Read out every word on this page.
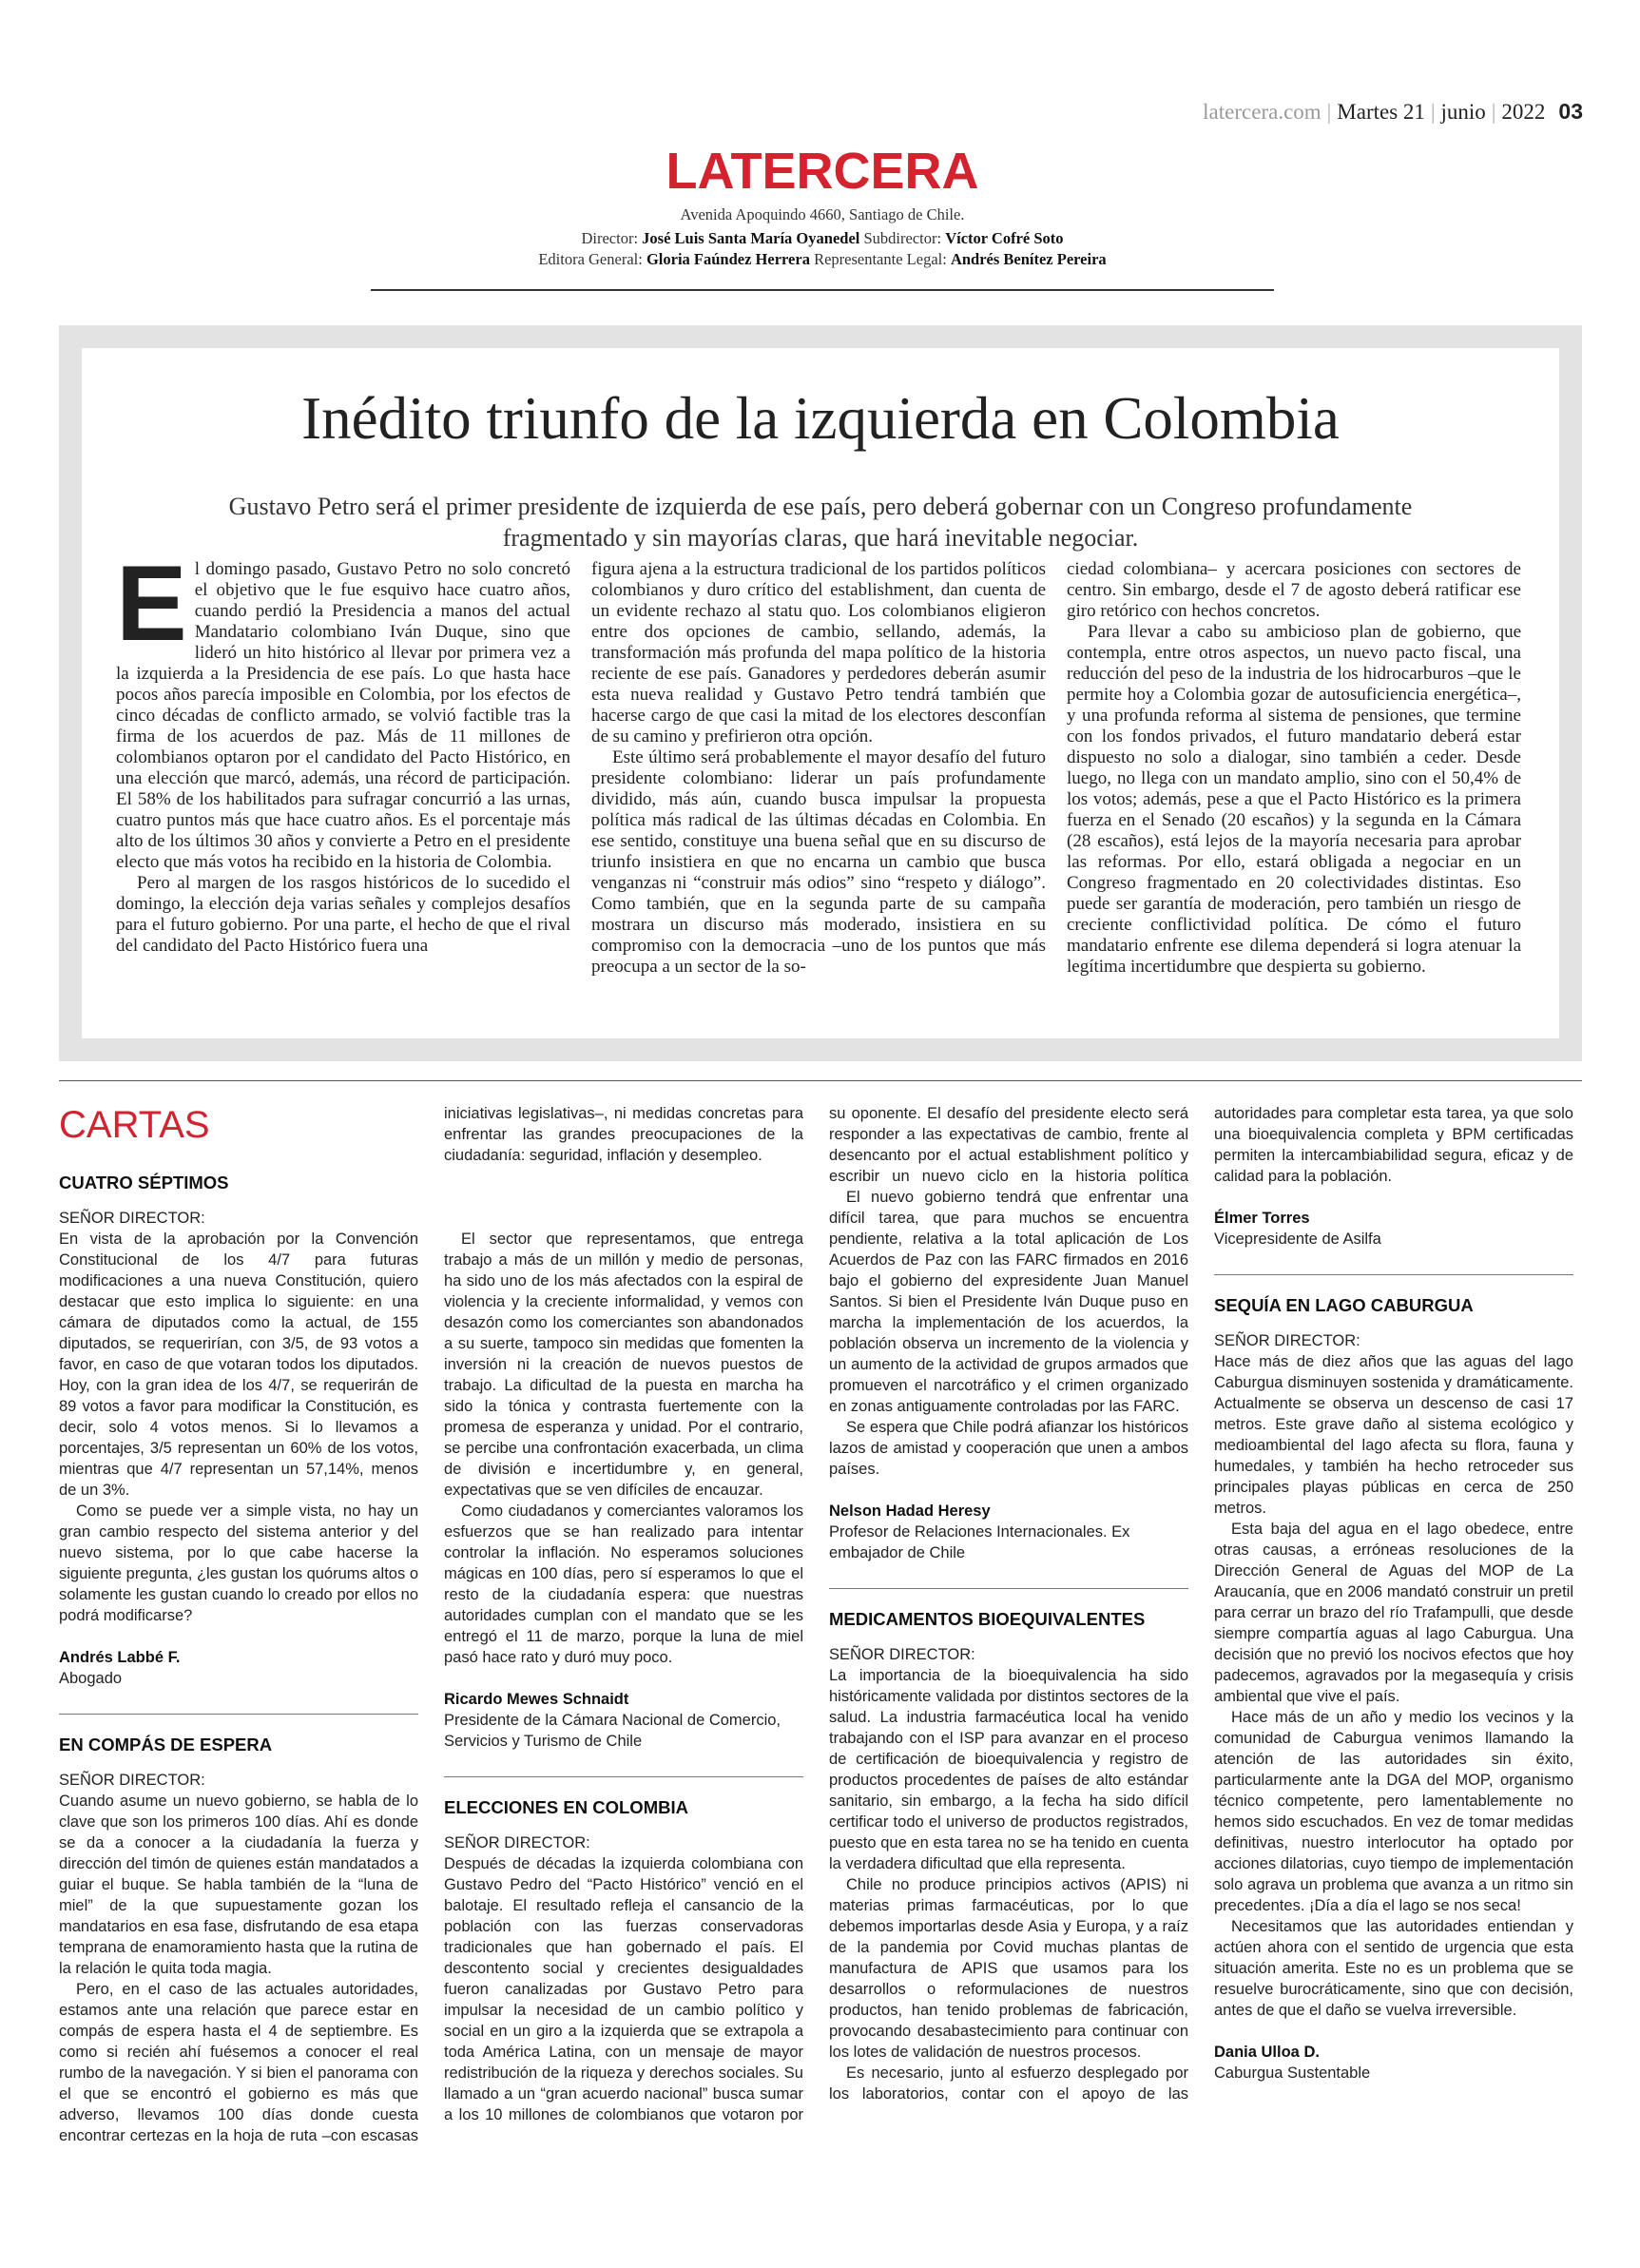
latercera.com | Martes 21 | junio | 2022 03
LATERCERA
Avenida Apoquindo 4660, Santiago de Chile.
Director: José Luis Santa María Oyanedel Subdirector: Víctor Cofré Soto
Editora General: Gloria Faúndez Herrera Representante Legal: Andrés Benítez Pereira
Inédito triunfo de la izquierda en Colombia
Gustavo Petro será el primer presidente de izquierda de ese país, pero deberá gobernar con un Congreso profundamente fragmentado y sin mayorías claras, que hará inevitable negociar.

El domingo pasado, Gustavo Petro no solo concretó el objetivo que le fue esquivo hace cuatro años, cuando perdió la Presidencia a manos del actual Mandatario colombiano Iván Duque, sino que lideró un hito histórico al llevar por primera vez a la izquierda a la Presidencia de ese país. Lo que hasta hace pocos años parecía imposible en Colombia, por los efectos de cinco décadas de conflicto armado, se volvió factible tras la firma de los acuerdos de paz. Más de 11 millones de colombianos optaron por el candidato del Pacto Histórico, en una elección que marcó, además, una récord de participación. El 58% de los habilitados para sufragar concurrió a las urnas, cuatro puntos más que hace cuatro años. Es el porcentaje más alto de los últimos 30 años y convierte a Petro en el presidente electo que más votos ha recibido en la historia de Colombia.

Pero al margen de los rasgos históricos de lo sucedido el domingo, la elección deja varias señales y complejos desafíos para el futuro gobierno. Por una parte, el hecho de que el rival del candidato del Pacto Histórico fuera una

figura ajena a la estructura tradicional de los partidos políticos colombianos y duro crítico del establishment, dan cuenta de un evidente rechazo al statu quo. Los colombianos eligieron entre dos opciones de cambio, sellando, además, la transformación más profunda del mapa político de la historia reciente de ese país. Ganadores y perdedores deberán asumir esta nueva realidad y Gustavo Petro tendrá también que hacerse cargo de que casi la mitad de los electores desconfían de su camino y prefirieron otra opción.

Este último será probablemente el mayor desafío del futuro presidente colombiano: liderar un país profundamente dividido, más aún, cuando busca impulsar la propuesta política más radical de las últimas décadas en Colombia. En ese sentido, constituye una buena señal que en su discurso de triunfo insistiera en que no encarna un cambio que busca venganzas ni “construir más odios” sino “respeto y diálogo”. Como también, que en la segunda parte de su campaña mostrara un discurso más moderado, insistiera en su compromiso con la democracia –uno de los puntos que más preocupa a un sector de la so-

ciedad colombiana– y acercara posiciones con sectores de centro. Sin embargo, desde el 7 de agosto deberá ratificar ese giro retórico con hechos concretos.

Para llevar a cabo su ambicioso plan de gobierno, que contempla, entre otros aspectos, un nuevo pacto fiscal, una reducción del peso de la industria de los hidrocarburos –que le permite hoy a Colombia gozar de autosuficiencia energética–, y una profunda reforma al sistema de pensiones, que termine con los fondos privados, el futuro mandatario deberá estar dispuesto no solo a dialogar, sino también a ceder. Desde luego, no llega con un mandato amplio, sino con el 50,4% de los votos; además, pese a que el Pacto Histórico es la primera fuerza en el Senado (20 escaños) y la segunda en la Cámara (28 escaños), está lejos de la mayoría necesaria para aprobar las reformas. Por ello, estará obligada a negociar en un Congreso fragmentado en 20 colectividades distintas. Eso puede ser garantía de moderación, pero también un riesgo de creciente conflictividad política. De cómo el futuro mandatario enfrente ese dilema dependerá si logra atenuar la legítima incertidumbre que despierta su gobierno.

CARTAS
CUATRO SÉPTIMOS
SEÑOR DIRECTOR:

En vista de la aprobación por la Convención Constitucional de los 4/7 para futuras modificaciones a una nueva Constitución, quiero destacar que esto implica lo siguiente: en una cámara de diputados como la actual, de 155 diputados, se requerirían, con 3/5, de 93 votos a favor, en caso de que votaran todos los diputados. Hoy, con la gran idea de los 4/7, se requerirán de 89 votos a favor para modificar la Constitución, es decir, solo 4 votos menos. Si lo llevamos a porcentajes, 3/5 representan un 60% de los votos, mientras que 4/7 representan un 57,14%, menos de un 3%.

Como se puede ver a simple vista, no hay un gran cambio respecto del sistema anterior y del nuevo sistema, por lo que cabe hacerse la siguiente pregunta, ¿les gustan los quórums altos o solamente les gustan cuando lo creado por ellos no podrá modificarse?

Andrés Labbé F.
Abogado
EN COMPÁS DE ESPERA
SEÑOR DIRECTOR:

Cuando asume un nuevo gobierno, se habla de lo clave que son los primeros 100 días. Ahí es donde se da a conocer a la ciudadanía la fuerza y dirección del timón de quienes están mandatados a guiar el buque. Se habla también de la “luna de miel” de la que supuestamente gozan los mandatarios en esa fase, disfrutando de esa etapa temprana de enamoramiento hasta que la rutina de la relación le quita toda magia.

Pero, en el caso de las actuales autoridades, estamos ante una relación que parece estar en compás de espera hasta el 4 de septiembre. Es como si recién ahí fuésemos a conocer el real rumbo de la navegación. Y si bien el panorama con el que se encontró el gobierno es más que adverso, llevamos 100 días donde cuesta encontrar certezas en la hoja de ruta –con escasas

iniciativas legislativas–, ni medidas concretas para enfrentar las grandes preocupaciones de la ciudadanía: seguridad, inflación y desempleo.

El sector que representamos, que entrega trabajo a más de un millón y medio de personas, ha sido uno de los más afectados con la espiral de violencia y la creciente informalidad, y vemos con desazón como los comerciantes son abandonados a su suerte, tampoco sin medidas que fomenten la inversión ni la creación de nuevos puestos de trabajo. La dificultad de la puesta en marcha ha sido la tónica y contrasta fuertemente con la promesa de esperanza y unidad. Por el contrario, se percibe una confrontación exacerbada, un clima de división e incertidumbre y, en general, expectativas que se ven difíciles de encauzar.

Como ciudadanos y comerciantes valoramos los esfuerzos que se han realizado para intentar controlar la inflación. No esperamos soluciones mágicas en 100 días, pero sí esperamos lo que el resto de la ciudadanía espera: que nuestras autoridades cumplan con el mandato que se les entregó el 11 de marzo, porque la luna de miel pasó hace rato y duró muy poco.

Ricardo Mewes Schnaidt
Presidente de la Cámara Nacional de Comercio, Servicios y Turismo de Chile
ELECCIONES EN COLOMBIA
SEÑOR DIRECTOR:

Después de décadas la izquierda colombiana con Gustavo Pedro del “Pacto Histórico” venció en el balotaje. El resultado refleja el cansancio de la población con las fuerzas conservadoras tradicionales que han gobernado el país. El descontento social y crecientes desigualdades fueron canalizadas por Gustavo Petro para impulsar la necesidad de un cambio político y social en un giro a la izquierda que se extrapola a toda América Latina, con un mensaje de mayor redistribución de la riqueza y derechos sociales. Su llamado a un “gran acuerdo nacional” busca sumar a los 10 millones de colombianos que votaron por

su oponente. El desafío del presidente electo será responder a las expectativas de cambio, frente al desencanto por el actual establishment político y escribir un nuevo ciclo en la historia política

El nuevo gobierno tendrá que enfrentar una difícil tarea, que para muchos se encuentra pendiente, relativa a la total aplicación de Los Acuerdos de Paz con las FARC firmados en 2016 bajo el gobierno del expresidente Juan Manuel Santos. Si bien el Presidente Iván Duque puso en marcha la implementación de los acuerdos, la población observa un incremento de la violencia y un aumento de la actividad de grupos armados que promueven el narcotráfico y el crimen organizado en zonas antiguamente controladas por las FARC.

Se espera que Chile podrá afianzar los históricos lazos de amistad y cooperación que unen a ambos países.

Nelson Hadad Heresy
Profesor de Relaciones Internacionales. Ex embajador de Chile
MEDICAMENTOS BIOEQUIVALENTES
SEÑOR DIRECTOR:

La importancia de la bioequivalencia ha sido históricamente validada por distintos sectores de la salud. La industria farmacéutica local ha venido trabajando con el ISP para avanzar en el proceso de certificación de bioequivalencia y registro de productos procedentes de países de alto estándar sanitario, sin embargo, a la fecha ha sido difícil certificar todo el universo de productos registrados, puesto que en esta tarea no se ha tenido en cuenta la verdadera dificultad que ella representa.

Chile no produce principios activos (APIS) ni materias primas farmacéuticas, por lo que debemos importarlas desde Asia y Europa, y a raíz de la pandemia por Covid muchas plantas de manufactura de APIS que usamos para los desarrollos o reformulaciones de nuestros productos, han tenido problemas de fabricación, provocando desabastecimiento para continuar con los lotes de validación de nuestros procesos.

Es necesario, junto al esfuerzo desplegado por los laboratorios, contar con el apoyo de las

autoridades para completar esta tarea, ya que solo una bioequivalencia completa y BPM certificadas permiten la intercambiabilidad segura, eficaz y de calidad para la población.

Élmer Torres
Vicepresidente de Asilfa
SEQUÍA EN LAGO CABURGUA
SEÑOR DIRECTOR:

Hace más de diez años que las aguas del lago Caburgua disminuyen sostenida y dramáticamente. Actualmente se observa un descenso de casi 17 metros. Este grave daño al sistema ecológico y medioambiental del lago afecta su flora, fauna y humedales, y también ha hecho retroceder sus principales playas públicas en cerca de 250 metros.

Esta baja del agua en el lago obedece, entre otras causas, a erróneas resoluciones de la Dirección General de Aguas del MOP de La Araucanía, que en 2006 mandató construir un pretil para cerrar un brazo del río Trafampulli, que desde siempre compartía aguas al lago Caburgua. Una decisión que no previó los nocivos efectos que hoy padecemos, agravados por la megasequía y crisis ambiental que vive el país.

Hace más de un año y medio los vecinos y la comunidad de Caburgua venimos llamando la atención de las autoridades sin éxito, particularmente ante la DGA del MOP, organismo técnico competente, pero lamentablemente no hemos sido escuchados. En vez de tomar medidas definitivas, nuestro interlocutor ha optado por acciones dilatorias, cuyo tiempo de implementación solo agrava un problema que avanza a un ritmo sin precedentes. ¡Día a día el lago se nos seca!

Necesitamos que las autoridades entiendan y actúen ahora con el sentido de urgencia que esta situación amerita. Este no es un problema que se resuelve burocráticamente, sino que con decisión, antes de que el daño se vuelva irreversible.

Dania Ulloa D.
Caburgua Sustentable
